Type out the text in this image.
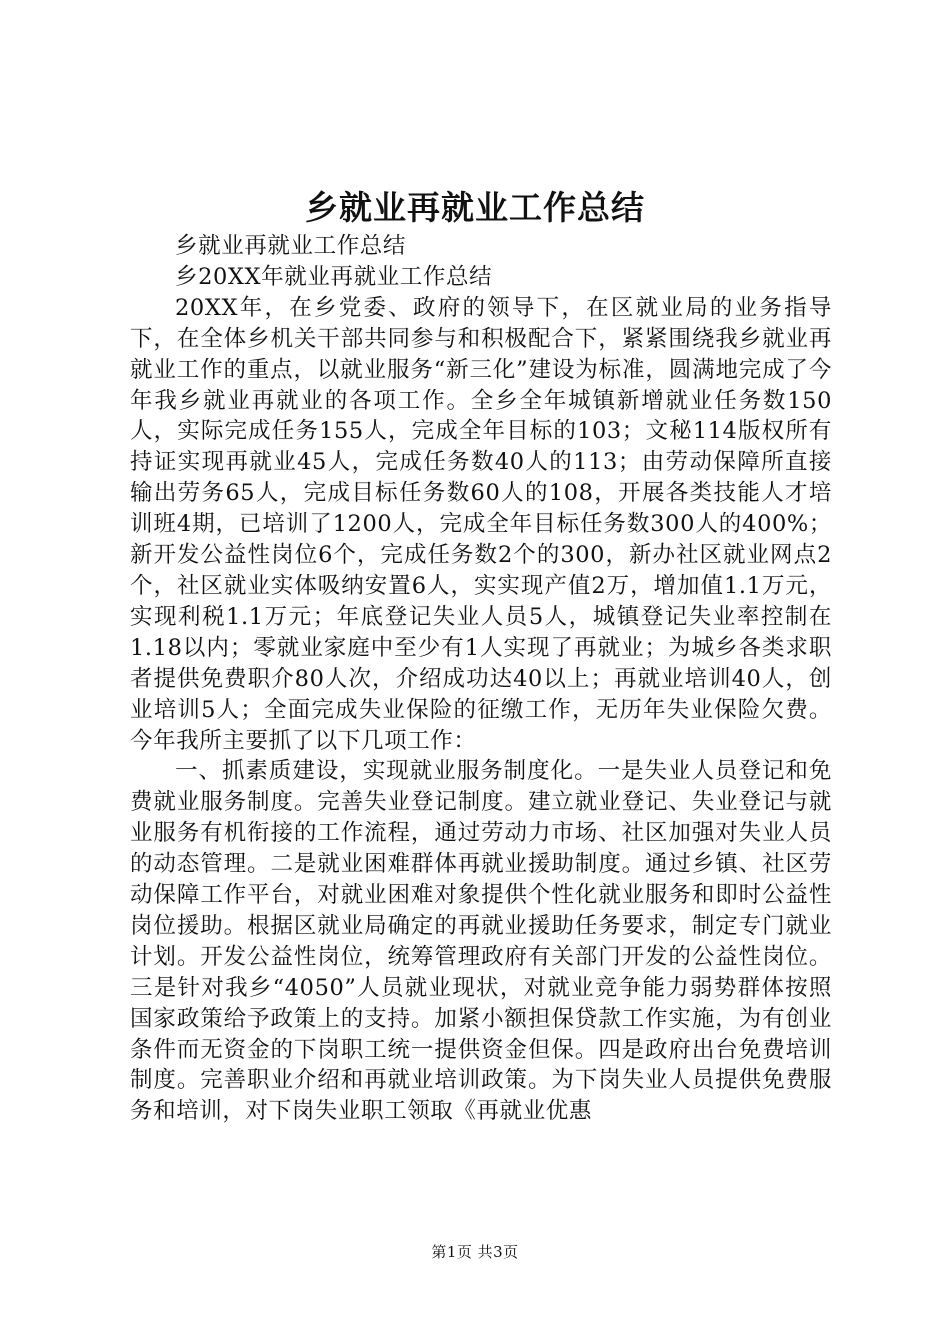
乡就业再就业工作总结

乡就业再就业工作总结

乡20XX年就业再就业工作总结

20XX年，在乡党委、政府的领导下，在区就业局的业务指导下，在全体乡机关干部共同参与和积极配合下，紧紧围绕我乡就业再就业工作的重点，以就业服务“新三化”建设为标准，圆满地完成了今年我乡就业再就业的各项工作。全乡全年城镇新增就业任务数150人，实际完成任务155人，完成全年目标的103；文秘114版权所有持证实现再就业45人，完成任务数40人的113；由劳动保障所直接输出劳务65人，完成目标任务数60人的108，开展各类技能人才培训班4期，已培训了1200人，完成全年目标任务数300人的400%；新开发公益性岗位6个，完成任务数2个的300，新办社区就业网点2个，社区就业实体吸纳安置6人，实实现产值2万，增加值1.1万元，实现利税1.1万元；年底登记失业人员5人，城镇登记失业率控制在1.18以内；零就业家庭中至少有1人实现了再就业；为城乡各类求职者提供免费职介80人次，介绍成功达40以上；再就业培训40人，创业培训5人；全面完成失业保险的征缴工作，无历年失业保险欠费。今年我所主要抓了以下几项工作：

一、抓素质建设，实现就业服务制度化。一是失业人员登记和免费就业服务制度。完善失业登记制度。建立就业登记、失业登记与就业服务有机衔接的工作流程，通过劳动力市场、社区加强对失业人员的动态管理。二是就业困难群体再就业援助制度。通过乡镇、社区劳动保障工作平台，对就业困难对象提供个性化就业服务和即时公益性岗位援助。根据区就业局确定的再就业援助任务要求，制定专门就业计划。开发公益性岗位，统筹管理政府有关部门开发的公益性岗位。三是针对我乡“4050”人员就业现状，对就业竞争能力弱势群体按照国家政策给予政策上的支持。加紧小额担保贷款工作实施，为有创业条件而无资金的下岗职工统一提供资金但保。四是政府出台免费培训制度。完善职业介绍和再就业培训政策。为下岗失业人员提供免费服务和培训，对下岗失业职工领取《再就业优惠

第1页 共3页
